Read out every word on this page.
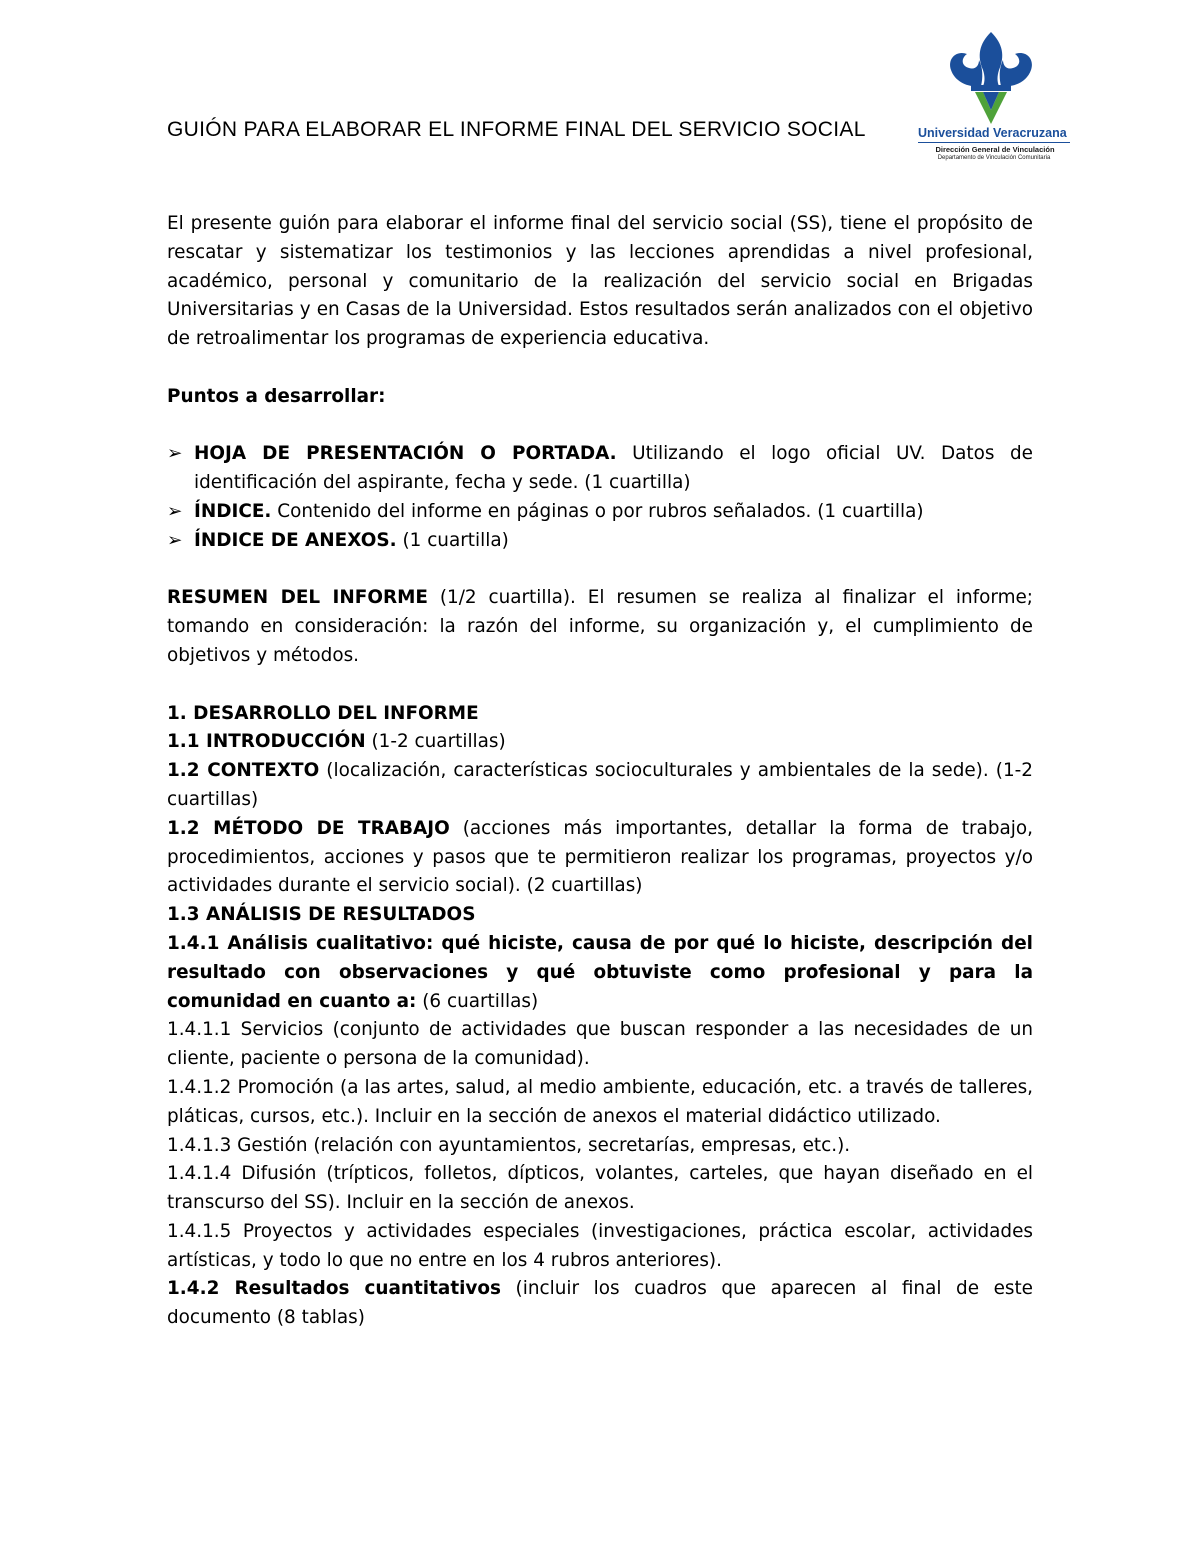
GUIÓN PARA ELABORAR EL INFORME FINAL DEL SERVICIO SOCIAL	Universidad Veracruzana
Dirección General de Vinculación
Departamento de Vinculación Comunitaria

El presente guión para elaborar el informe final del servicio social (SS), tiene el propósito de rescatar y sistematizar los testimonios y las lecciones aprendidas a nivel profesional, académico, personal y comunitario de la realización del servicio social en Brigadas Universitarias y en Casas de la Universidad. Estos resultados serán analizados con el objetivo de retroalimentar los programas de experiencia educativa.

Puntos a desarrollar:

➢ HOJA DE PRESENTACIÓN O PORTADA. Utilizando el logo oficial UV. Datos de identificación del aspirante, fecha y sede. (1 cuartilla)
➢ ÍNDICE. Contenido del informe en páginas o por rubros señalados. (1 cuartilla)
➢ ÍNDICE DE ANEXOS. (1 cuartilla)

RESUMEN DEL INFORME (1/2 cuartilla). El resumen se realiza al finalizar el informe; tomando en consideración: la razón del informe, su organización y, el cumplimiento de objetivos y métodos.

1. DESARROLLO DEL INFORME

1.1 INTRODUCCIÓN (1-2 cuartillas)

1.2 CONTEXTO (localización, características socioculturales y ambientales de la sede). (1-2 cuartillas)

1.2 MÉTODO DE TRABAJO (acciones más importantes, detallar la forma de trabajo, procedimientos, acciones y pasos que te permitieron realizar los programas, proyectos y/o actividades durante el servicio social). (2 cuartillas)

1.3 ANÁLISIS DE RESULTADOS

1.4.1 Análisis cualitativo: qué hiciste, causa de por qué lo hiciste, descripción del resultado con observaciones y qué obtuviste como profesional y para la comunidad en cuanto a: (6 cuartillas)

1.4.1.1 Servicios (conjunto de actividades que buscan responder a las necesidades de un cliente, paciente o persona de la comunidad).

1.4.1.2 Promoción (a las artes, salud, al medio ambiente, educación, etc. a través de talleres, pláticas, cursos, etc.). Incluir en la sección de anexos el material didáctico utilizado.

1.4.1.3 Gestión (relación con ayuntamientos, secretarías, empresas, etc.).

1.4.1.4 Difusión (trípticos, folletos, dípticos, volantes, carteles, que hayan diseñado en el transcurso del SS). Incluir en la sección de anexos.

1.4.1.5 Proyectos y actividades especiales (investigaciones, práctica escolar, actividades artísticas, y todo lo que no entre en los 4 rubros anteriores).

1.4.2 Resultados cuantitativos (incluir los cuadros que aparecen al final de este documento (8 tablas)
